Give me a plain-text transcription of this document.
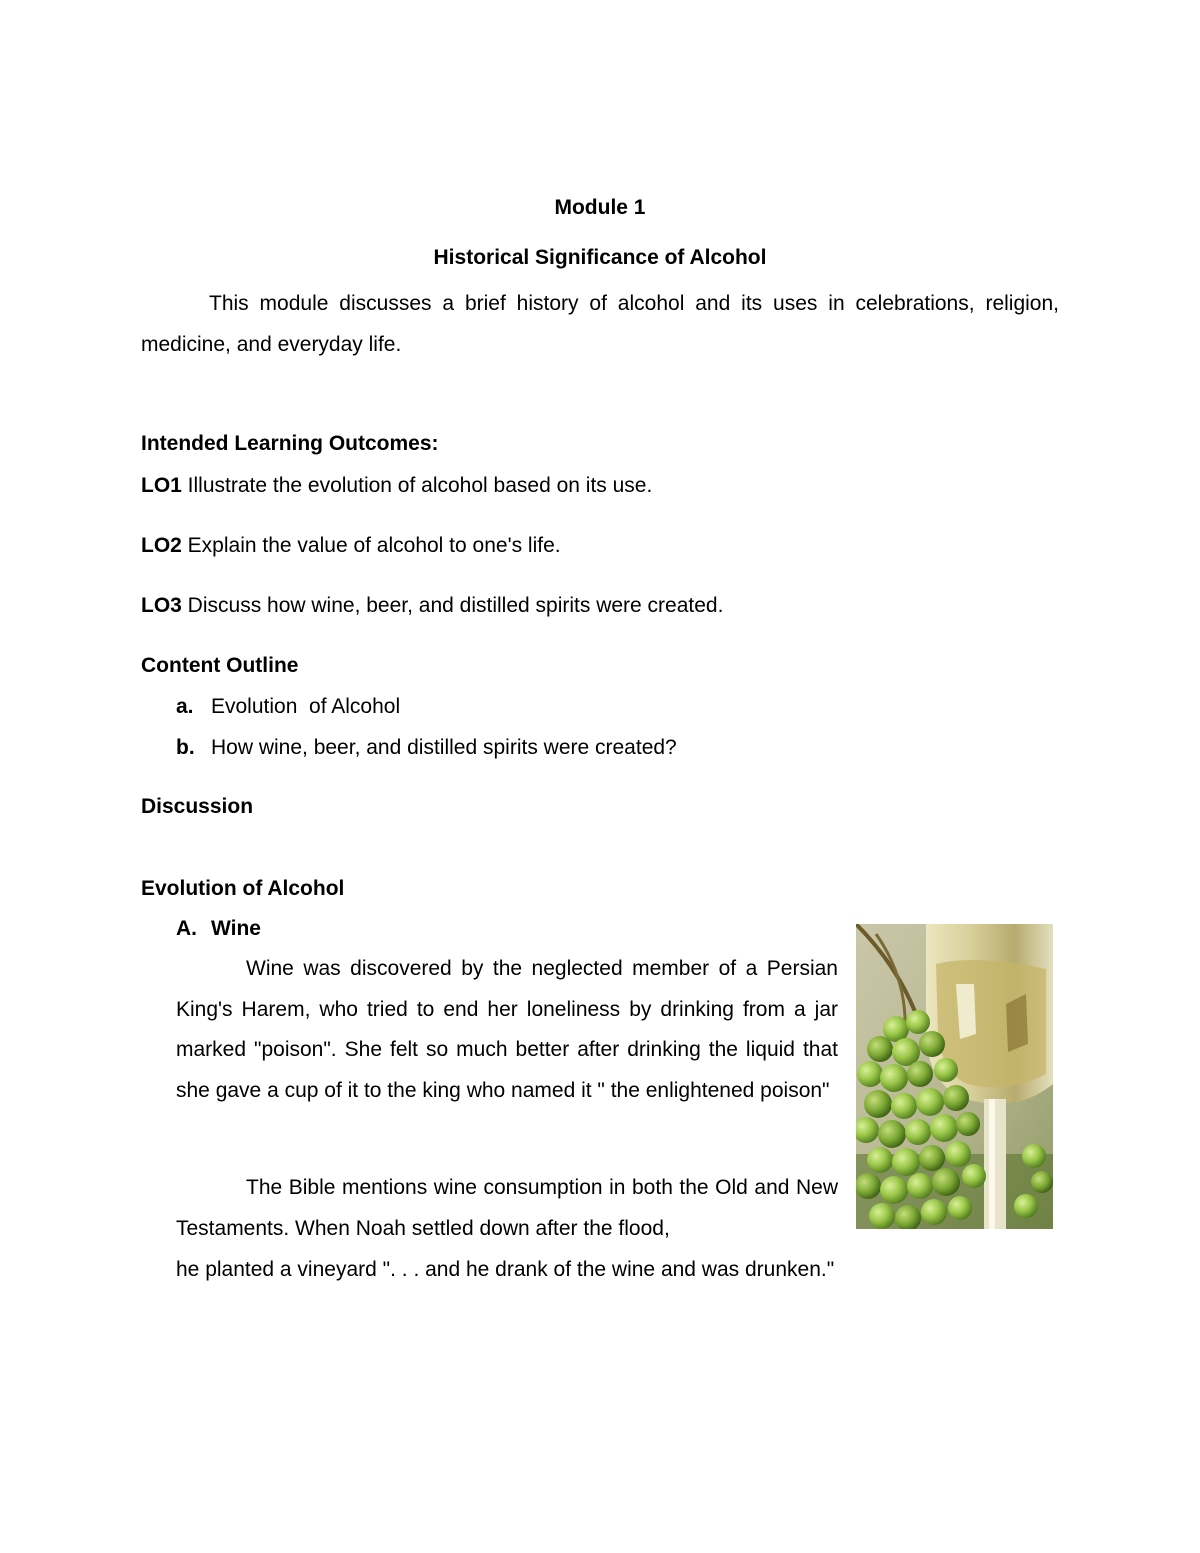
Module 1
Historical Significance of Alcohol

This module discusses a brief history of alcohol and its uses in celebrations, religion, medicine, and everyday life.

Intended Learning Outcomes:
LO1 Illustrate the evolution of alcohol based on its use.
LO2 Explain the value of alcohol to one's life.
LO3 Discuss how wine, beer, and distilled spirits were created.
Content Outline
a. Evolution  of Alcohol
b. How wine, beer, and distilled spirits were created?
Discussion
Evolution of Alcohol
A. Wine

Wine was discovered by the neglected member of a Persian King's Harem, who tried to end her loneliness by drinking from a jar marked "poison". She felt so much better after drinking the liquid that she gave a cup of it to the king who named it " the enlightened poison"

The Bible mentions wine consumption in both the Old and New Testaments. When Noah settled down after the flood,

he planted a vineyard ". . . and he drank of the wine and was drunken."
